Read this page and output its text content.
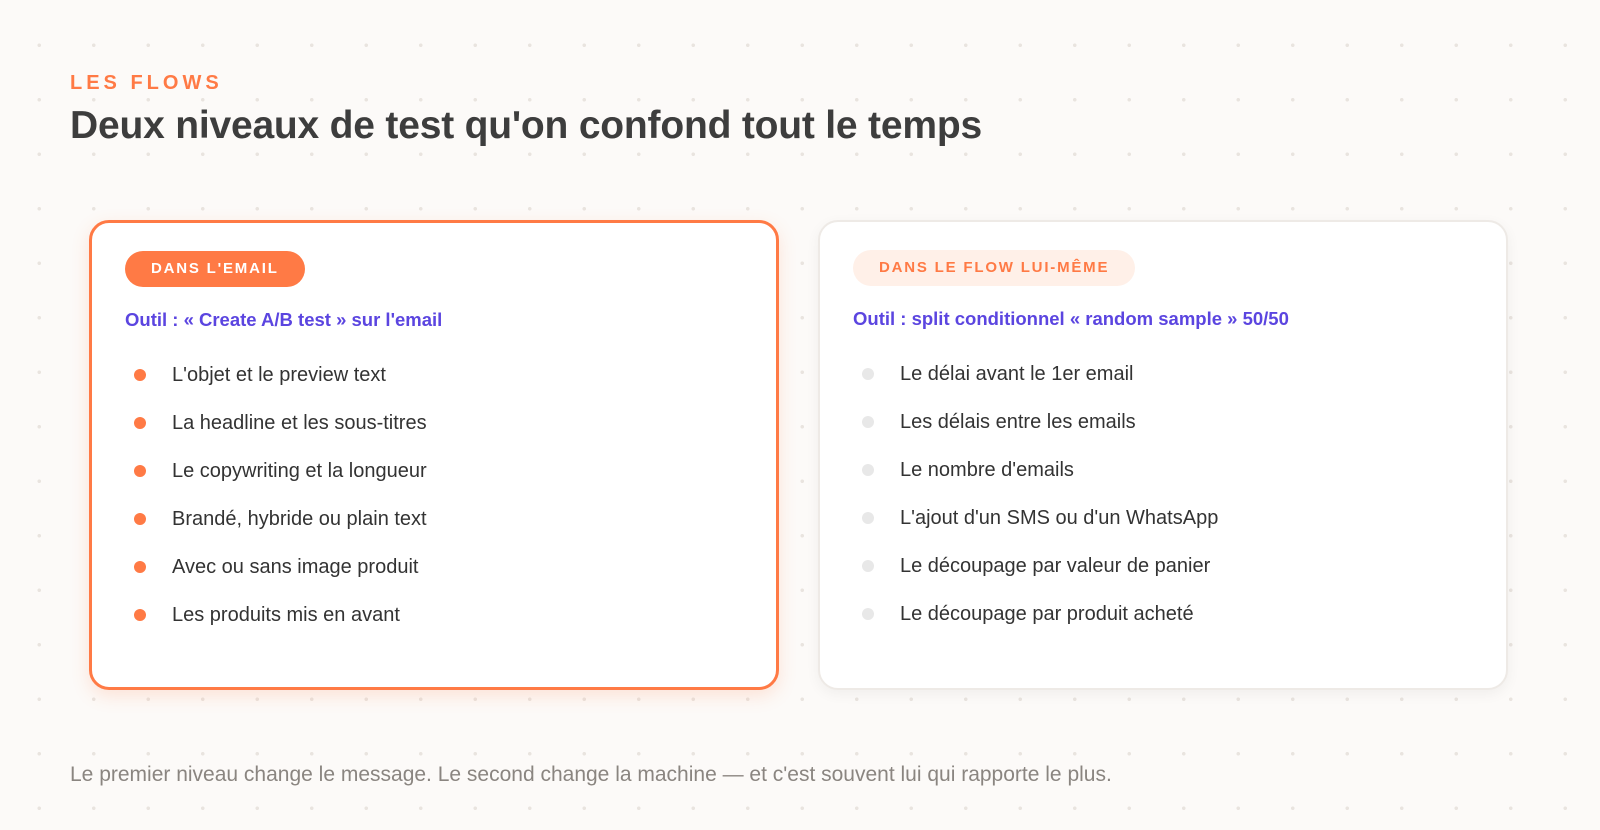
LES FLOWS

Deux niveaux de test qu'on confond tout le temps
DANS L'EMAIL
Outil : « Create A/B test » sur l'email
L'objet et le preview text
La headline et les sous-titres
Le copywriting et la longueur
Brandé, hybride ou plain text
Avec ou sans image produit
Les produits mis en avant
DANS LE FLOW LUI-MÊME
Outil : split conditionnel « random sample » 50/50
Le délai avant le 1er email
Les délais entre les emails
Le nombre d'emails
L'ajout d'un SMS ou d'un WhatsApp
Le découpage par valeur de panier
Le découpage par produit acheté

Le premier niveau change le message. Le second change la machine — et c'est souvent lui qui rapporte le plus.
